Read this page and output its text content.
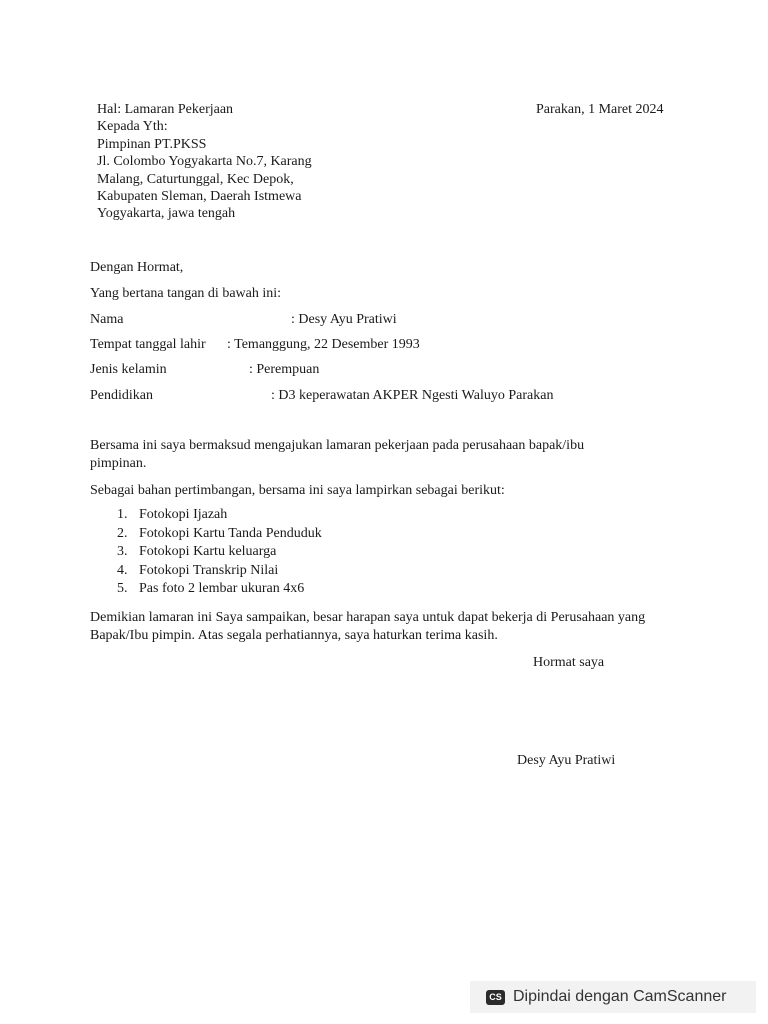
Hal: Lamaran Pekerjaan	Parakan, 1 Maret 2024
Kepada Yth:
Pimpinan PT.PKSS
Jl. Colombo Yogyakarta No.7, Karang
Malang, Caturtunggal, Kec Depok,
Kabupaten Sleman, Daerah Istmewa
Yogyakarta, jawa tengah
Dengan Hormat,
Yang bertana tangan di bawah ini:
Nama	: Desy Ayu Pratiwi
Tempat tanggal lahir : Temanggung, 22 Desember 1993
Jenis kelamin	: Perempuan
Pendidikan	: D3 keperawatan AKPER Ngesti Waluyo Parakan
Bersama ini saya bermaksud mengajukan lamaran pekerjaan pada perusahaan bapak/ibu pimpinan.
Sebagai bahan pertimbangan, bersama ini saya lampirkan sebagai berikut:
1. Fotokopi Ijazah
2. Fotokopi Kartu Tanda Penduduk
3. Fotokopi Kartu keluarga
4. Fotokopi Transkrip Nilai
5. Pas foto 2 lembar ukuran 4x6
Demikian lamaran ini Saya sampaikan, besar harapan saya untuk dapat bekerja di Perusahaan yang Bapak/Ibu pimpin. Atas segala perhatiannya, saya haturkan terima kasih.
Hormat saya
Desy Ayu Pratiwi
CS Dipindai dengan CamScanner
